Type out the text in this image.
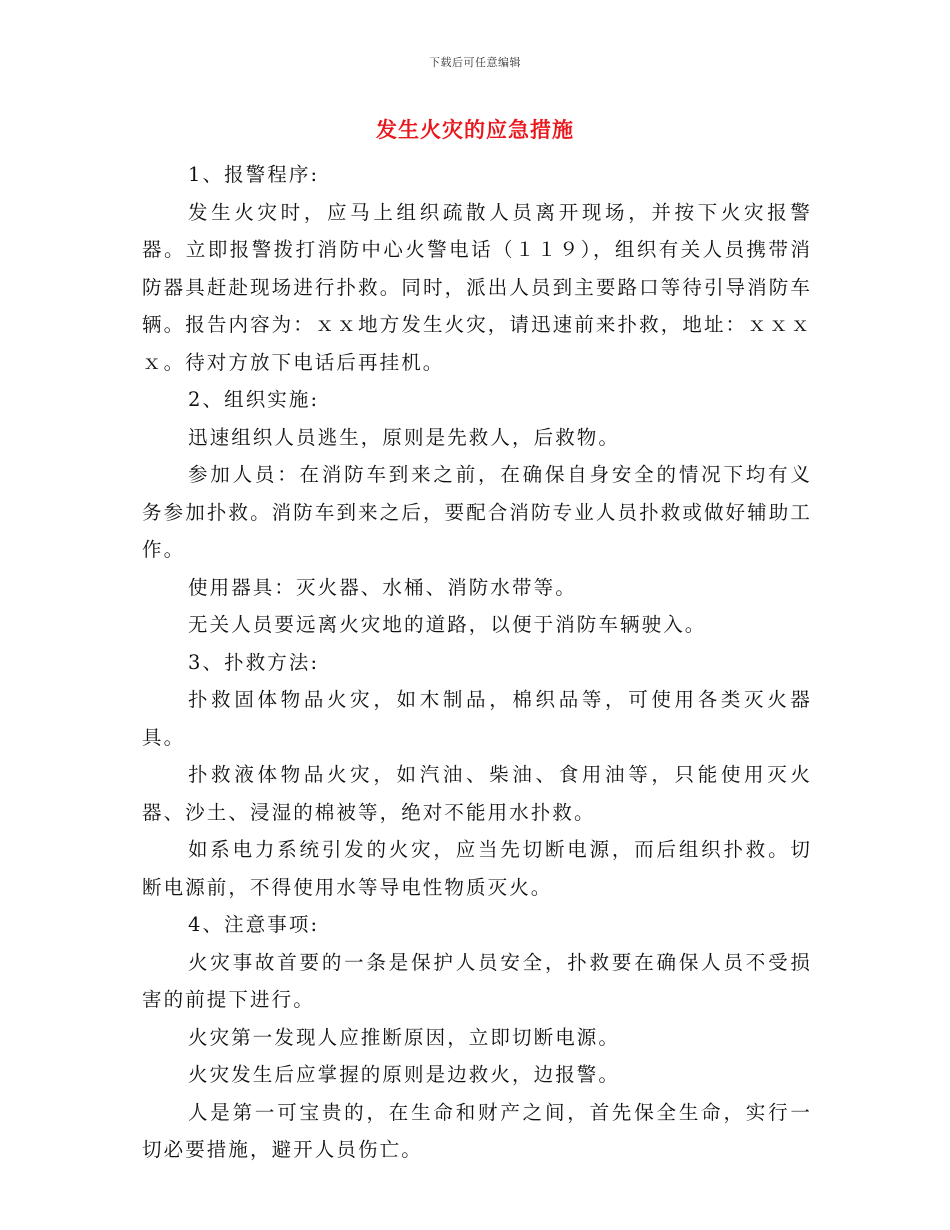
下载后可任意编辑
发生火灾的应急措施

1、报警程序:

发生火灾时，应马上组织疏散人员离开现场，并按下火灾报警器。立即报警拨打消防中心火警电话（１１９），组织有关人员携带消防器具赶赴现场进行扑救。同时，派出人员到主要路口等待引导消防车辆。报告内容为：ｘｘ地方发生火灾，请迅速前来扑救，地址：ｘｘｘｘ。待对方放下电话后再挂机。

2、组织实施:

迅速组织人员逃生，原则是先救人，后救物。

参加人员：在消防车到来之前，在确保自身安全的情况下均有义务参加扑救。消防车到来之后，要配合消防专业人员扑救或做好辅助工作。

使用器具：灭火器、水桶、消防水带等。

无关人员要远离火灾地的道路，以便于消防车辆驶入。

3、扑救方法:

扑救固体物品火灾，如木制品，棉织品等，可使用各类灭火器具。

扑救液体物品火灾，如汽油、柴油、食用油等，只能使用灭火器、沙土、浸湿的棉被等，绝对不能用水扑救。

如系电力系统引发的火灾，应当先切断电源，而后组织扑救。切断电源前，不得使用水等导电性物质灭火。

4、注意事项:

火灾事故首要的一条是保护人员安全，扑救要在确保人员不受损害的前提下进行。

火灾第一发现人应推断原因，立即切断电源。

火灾发生后应掌握的原则是边救火，边报警。

人是第一可宝贵的，在生命和财产之间，首先保全生命，实行一切必要措施，避开人员伤亡。
